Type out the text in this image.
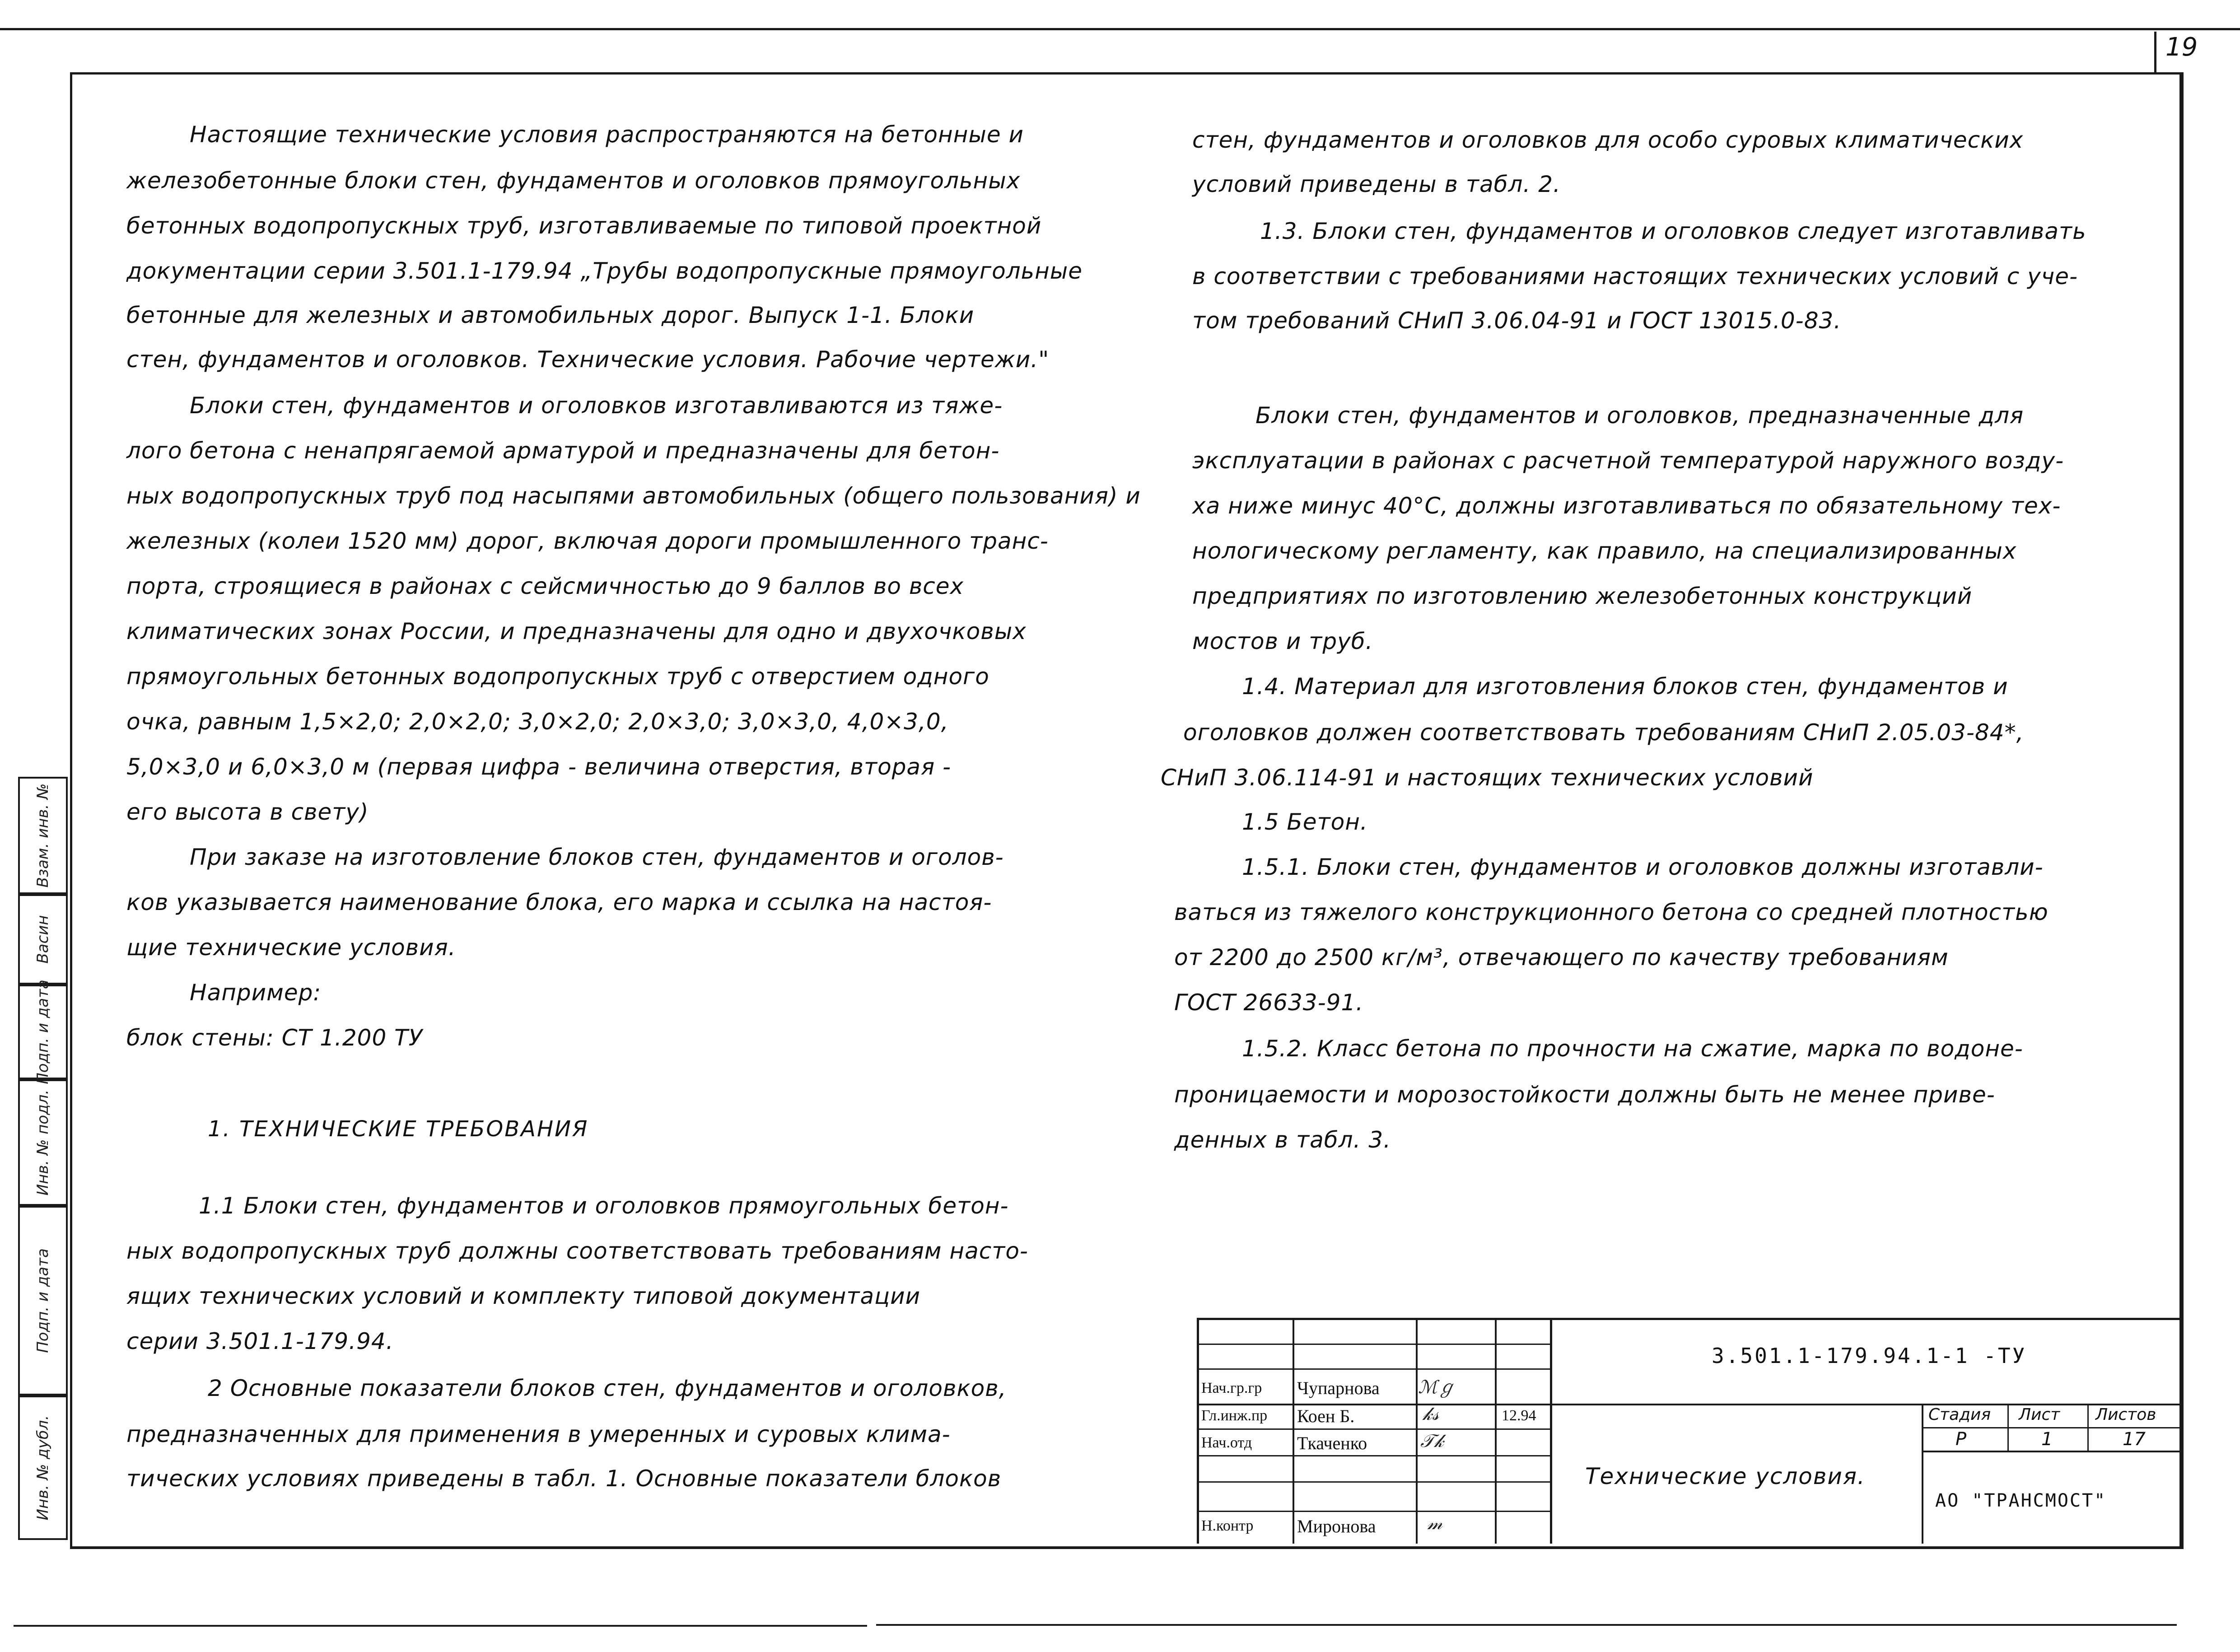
19
Взам. инв. №
Васин
Подп. и дата
Инв. № подл.
Подп. и дата
Инв. № дубл.
Настоящие технические условия распространяются на бетонные и
железобетонные блоки стен, фундаментов и оголовков прямоугольных
бетонных водопропускных труб, изготавливаемые по типовой проектной
документации серии 3.501.1-179.94 „Трубы водопропускные прямоугольные
бетонные для железных и автомобильных дорог. Выпуск 1-1. Блоки
стен, фундаментов и оголовков. Технические условия. Рабочие чертежи."
Блоки стен, фундаментов и оголовков изготавливаются из тяже-
лого бетона с ненапрягаемой арматурой и предназначены для бетон-
ных водопропускных труб под насыпями автомобильных (общего пользования) и
железных (колеи 1520 мм) дорог, включая дороги промышленного транс-
порта, строящиеся в районах с сейсмичностью до 9 баллов во всех
климатических зонах России, и предназначены для одно и двухочковых
прямоугольных бетонных водопропускных труб с отверстием одного
очка, равным 1,5×2,0; 2,0×2,0; 3,0×2,0; 2,0×3,0; 3,0×3,0, 4,0×3,0,
5,0×3,0 и 6,0×3,0 м (первая цифра - величина отверстия, вторая -
его высота в свету)
При заказе на изготовление блоков стен, фундаментов и оголов-
ков указывается наименование блока, его марка и ссылка на настоя-
щие технические условия.
Например:
блок стены: СТ 1.200 ТУ
1. ТЕХНИЧЕСКИЕ ТРЕБОВАНИЯ
1.1 Блоки стен, фундаментов и оголовков прямоугольных бетон-
ных водопропускных труб должны соответствовать требованиям насто-
ящих технических условий и комплекту типовой документации
серии 3.501.1-179.94.
2 Основные показатели блоков стен, фундаментов и оголовков,
предназначенных для применения в умеренных и суровых клима-
тических условиях приведены в табл. 1. Основные показатели блоков
стен, фундаментов и оголовков для особо суровых климатических
условий приведены в табл. 2.
1.3. Блоки стен, фундаментов и оголовков следует изготавливать
в соответствии с требованиями настоящих технических условий с уче-
том требований СНиП 3.06.04-91 и ГОСТ 13015.0-83.
Блоки стен, фундаментов и оголовков, предназначенные для
эксплуатации в районах с расчетной температурой наружного возду-
ха ниже минус 40°С, должны изготавливаться по обязательному тех-
нологическому регламенту, как правило, на специализированных
предприятиях по изготовлению железобетонных конструкций
мостов и труб.
1.4. Материал для изготовления блоков стен, фундаментов и
оголовков должен соответствовать требованиям СНиП 2.05.03-84*,
СНиП 3.06.114-91 и настоящих технических условий
1.5 Бетон.
1.5.1. Блоки стен, фундаментов и оголовков должны изготавли-
ваться из тяжелого конструкционного бетона со средней плотностью
от 2200 до 2500 кг/м³, отвечающего по качеству требованиям
ГОСТ 26633-91.
1.5.2. Класс бетона по прочности на сжатие, марка по водоне-
проницаемости и морозостойкости должны быть не менее приве-
денных в табл. 3.
3.501.1-179.94.1-1 -ТУ
Нач.гр.гр Чупарнова ℳℊ
Гл.инж.пр Коен Б.	𝓀𝓈	12.94
Нач.отд Ткаченко	𝒯𝓀
Н.контр Миронова	𝓂
Технические условия.
Стадия Лист Листов
Р	1	17
АО "ТРАНСМОСТ"
